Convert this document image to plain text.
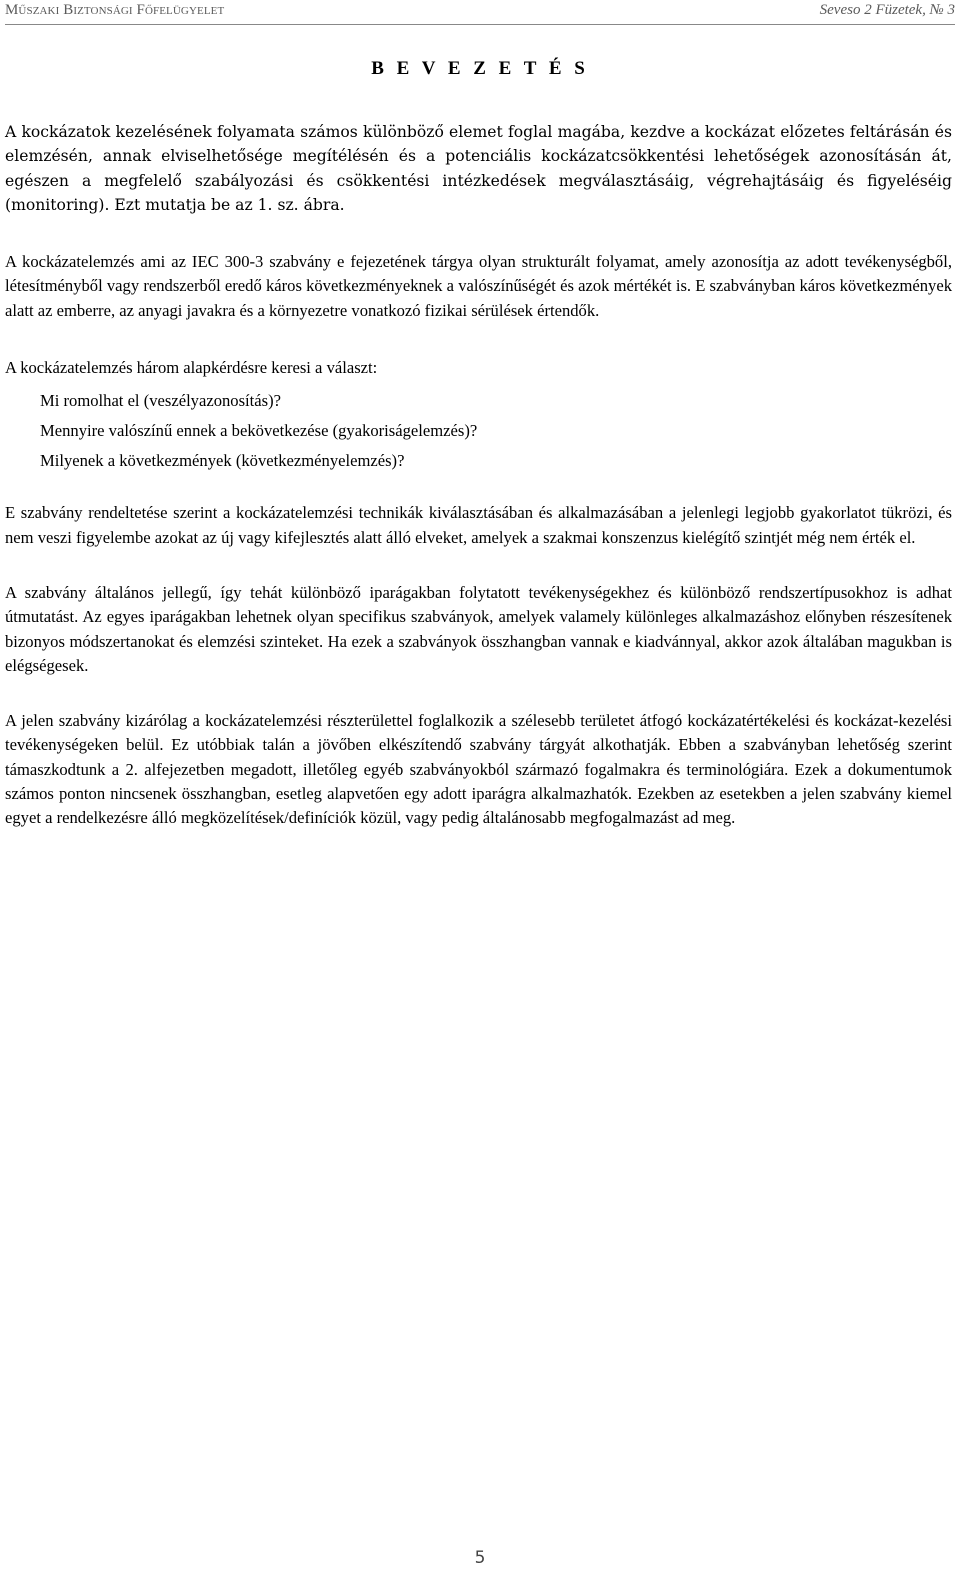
Műszaki Biztonsági Főfelügyelet	Seveso 2 Füzetek, № 3
B E V E Z E T É S

A kockázatok kezelésének folyamata számos különböző elemet foglal magába, kezdve a kockázat előzetes feltárásán és elemzésén, annak elviselhetősége megítélésén és a potenciális kockázatcsökkentési lehetőségek azonosításán át, egészen a megfelelő szabályozási és csökkentési intézkedések megválasztásáig, végrehajtásáig és figyeléséig (monitoring). Ezt mutatja be az 1. sz. ábra.

A kockázatelemzés ami az IEC 300-3 szabvány e fejezetének tárgya olyan strukturált folyamat, amely azonosítja az adott tevékenységből, létesítményből vagy rendszerből eredő káros következményeknek a valószínűségét és azok mértékét is. E szabványban káros következmények alatt az emberre, az anyagi javakra és a környezetre vonatkozó fizikai sérülések értendők.

A kockázatelemzés három alapkérdésre keresi a választ:

Mi romolhat el (veszélyazonosítás)?
Mennyire valószínű ennek a bekövetkezése (gyakoriságelemzés)?
Milyenek a következmények (következményelemzés)?

E szabvány rendeltetése szerint a kockázatelemzési technikák kiválasztásában és alkalmazásában a jelenlegi legjobb gyakorlatot tükrözi, és nem veszi figyelembe azokat az új vagy kifejlesztés alatt álló elveket, amelyek a szakmai konszenzus kielégítő szintjét még nem érték el.

A szabvány általános jellegű, így tehát különböző iparágakban folytatott tevékenységekhez és különböző rendszertípusokhoz is adhat útmutatást. Az egyes iparágakban lehetnek olyan specifikus szabványok, amelyek valamely különleges alkalmazáshoz előnyben részesítenek bizonyos módszertanokat és elemzési szinteket. Ha ezek a szabványok összhangban vannak e kiadvánnyal, akkor azok általában magukban is elégségesek.

A jelen szabvány kizárólag a kockázatelemzési részterülettel foglalkozik a szélesebb területet átfogó kockázatértékelési és kockázat-kezelési tevékenységeken belül. Ez utóbbiak talán a jövőben elkészítendő szabvány tárgyát alkothatják. Ebben a szabványban lehetőség szerint támaszkodtunk a 2. alfejezetben megadott, illetőleg egyéb szabványokból származó fogalmakra és terminológiára. Ezek a dokumentumok számos ponton nincsenek összhangban, esetleg alapvetően egy adott iparágra alkalmazhatók. Ezekben az esetekben a jelen szabvány kiemel egyet a rendelkezésre álló megközelítések/definíciók közül, vagy pedig általánosabb megfogalmazást ad meg.

5
